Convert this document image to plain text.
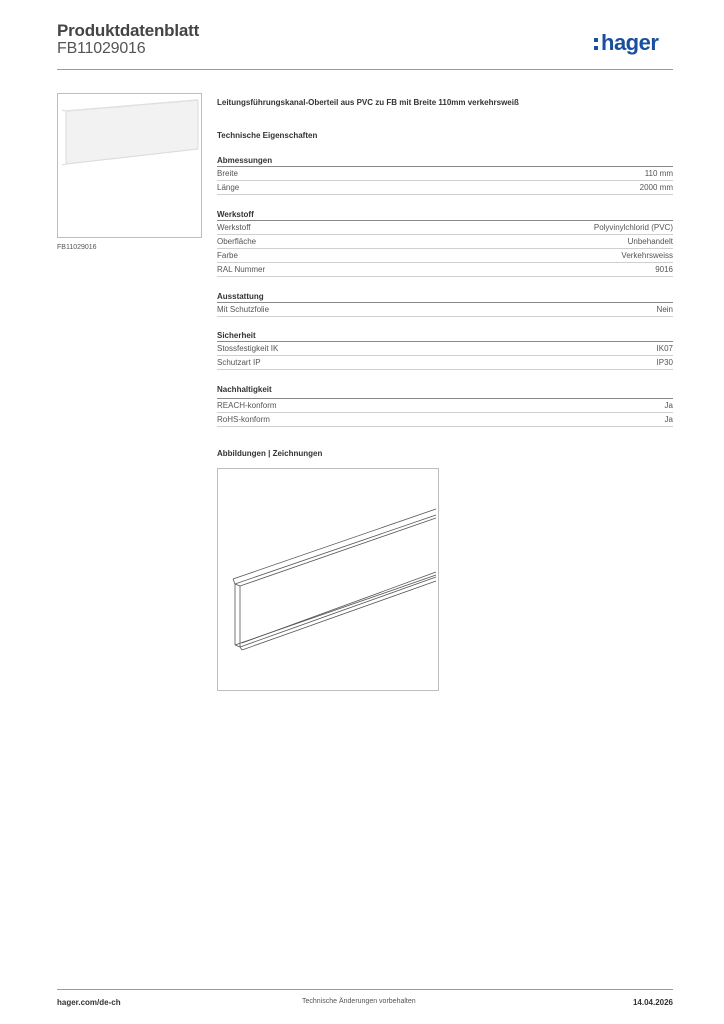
Produktdatenblatt
FB11029016	hager
FB11029016
Leitungsführungskanal-Oberteil aus PVC zu FB mit Breite 110mm verkehrsweiß
Technische Eigenschaften
Abmessungen
Breite	110 mm
Länge	2000 mm
Werkstoff
Werkstoff	Polyvinylchlorid (PVC)
Oberfläche	Unbehandelt
Farbe	Verkehrsweiss
RAL Nummer	9016
Ausstattung
Mit Schutzfolie	Nein
Sicherheit
Stossfestigkeit IK	IK07
Schutzart IP	IP30
Nachhaltigkeit
REACH-konform	Ja
RoHS-konform	Ja
Abbildungen | Zeichnungen
hager.com/de-ch	Technische Änderungen vorbehalten	14.04.2026
